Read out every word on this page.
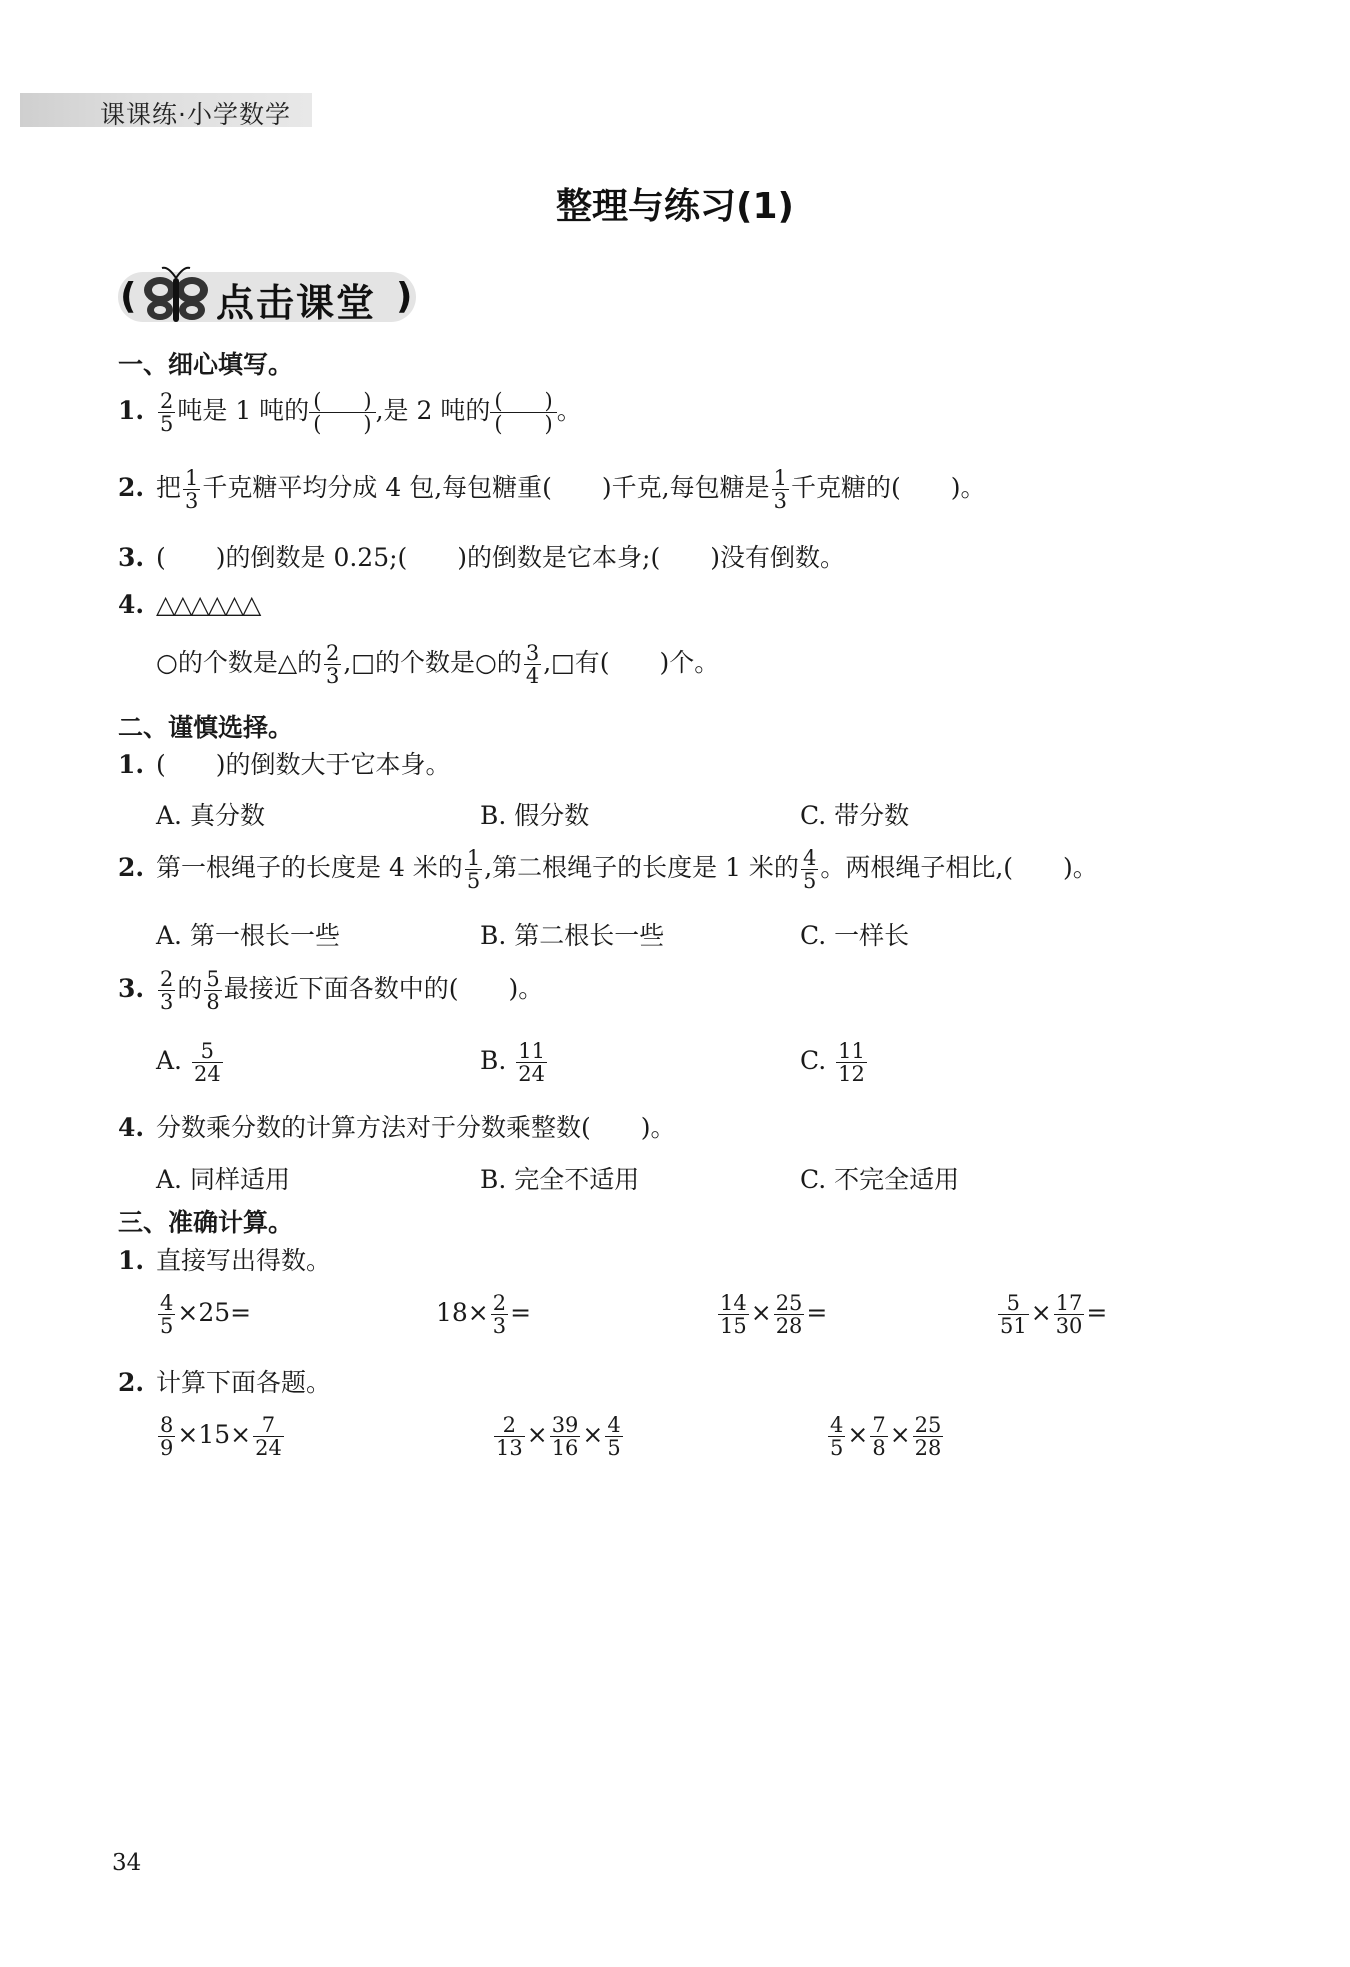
课课练·小学数学
整理与练习(1)
( 点击课堂 )
一、细心填写。
1. $\frac{2}{5}$ 吨是 1 吨的 $\frac{( )}{( )}$ ,是 2 吨的 $\frac{( )}{( )}$ 。
2. 把 $\frac{1}{3}$ 千克糖平均分成 4 包,每包糖重(　　)千克,每包糖是 $\frac{1}{3}$ 千克糖的(　　)。
3. (　　)的倒数是 0.25;(　　)的倒数是它本身;(　　)没有倒数。
4. △△△△△△
○的个数是△的 $\frac{2}{3}$ ,□的个数是○的 $\frac{3}{4}$ ,□有(　　)个。
二、谨慎选择。
1. (　　)的倒数大于它本身。
A. 真分数	B. 假分数	C. 带分数
2. 第一根绳子的长度是 4 米的 $\frac{1}{5}$ ,第二根绳子的长度是 1 米的 $\frac{4}{5}$ 。两根绳子相比,(　　)。
A. 第一根长一些	B. 第二根长一些	C. 一样长
3. $\frac{2}{3}$ 的 $\frac{5}{8}$ 最接近下面各数中的(　　)。
A. $\frac{5}{24}$	B. $\frac{11}{24}$	C. $\frac{11}{12}$
4. 分数乘分数的计算方法对于分数乘整数(　　)。
A. 同样适用	B. 完全不适用	C. 不完全适用
三、准确计算。
1. 直接写出得数。
$\frac{4}{5} \times 25=$	$18\times \frac{2}{3}$ =	$\frac{14}{15} \times \frac{25}{28}$ =	$\frac{5}{51} \times \frac{17}{30}$ =
2. 计算下面各题。
$\frac{8}{9} \times 15\times \frac{7}{24}$	$\frac{2}{13} \times \frac{39}{16} \times \frac{4}{5}$	$\frac{4}{5} \times \frac{7}{8} \times \frac{25}{28}$
34
